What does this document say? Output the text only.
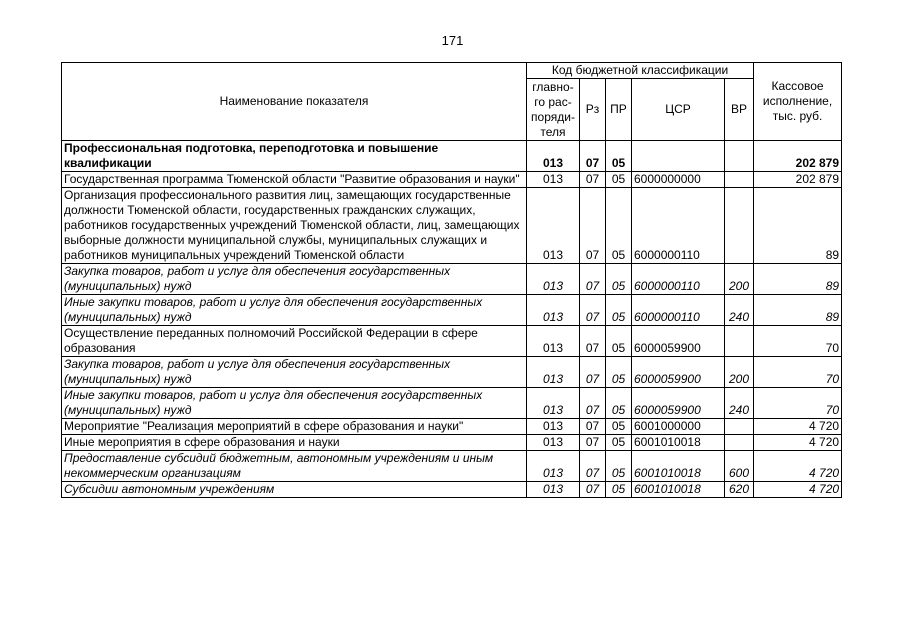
171
Наименование показателя	Код бюджетной классификации					Кассовое исполнение, тыс. руб.
	главно-го рас-поряди-теля	Рз	ПР	ЦСР	ВР	
Профессиональная подготовка, переподготовка и повышение квалификации	013	07	05			202 879
Государственная программа Тюменской области "Развитие образования и науки"	013	07	05	6000000000		202 879
Организация профессионального развития лиц, замещающих государственные должности Тюменской области, государственных гражданских служащих, работников государственных учреждений Тюменской области, лиц, замещающих выборные должности муниципальной службы, муниципальных служащих и работников муниципальных учреждений Тюменской области	013	07	05	6000000110		89
Закупка товаров, работ и услуг для обеспечения государственных (муниципальных) нужд	013	07	05	6000000110	200	89
Иные закупки товаров, работ и услуг для обеспечения государственных (муниципальных) нужд	013	07	05	6000000110	240	89
Осуществление переданных полномочий Российской Федерации в сфере образования	013	07	05	6000059900		70
Закупка товаров, работ и услуг для обеспечения государственных (муниципальных) нужд	013	07	05	6000059900	200	70
Иные закупки товаров, работ и услуг для обеспечения государственных (муниципальных) нужд	013	07	05	6000059900	240	70
Мероприятие "Реализация мероприятий в сфере образования и науки"	013	07	05	6001000000		4 720
Иные мероприятия в сфере образования и науки	013	07	05	6001010018		4 720
Предоставление субсидий бюджетным, автономным учреждениям и иным некоммерческим организациям	013	07	05	6001010018	600	4 720
Субсидии автономным учреждениям	013	07	05	6001010018	620	4 720
